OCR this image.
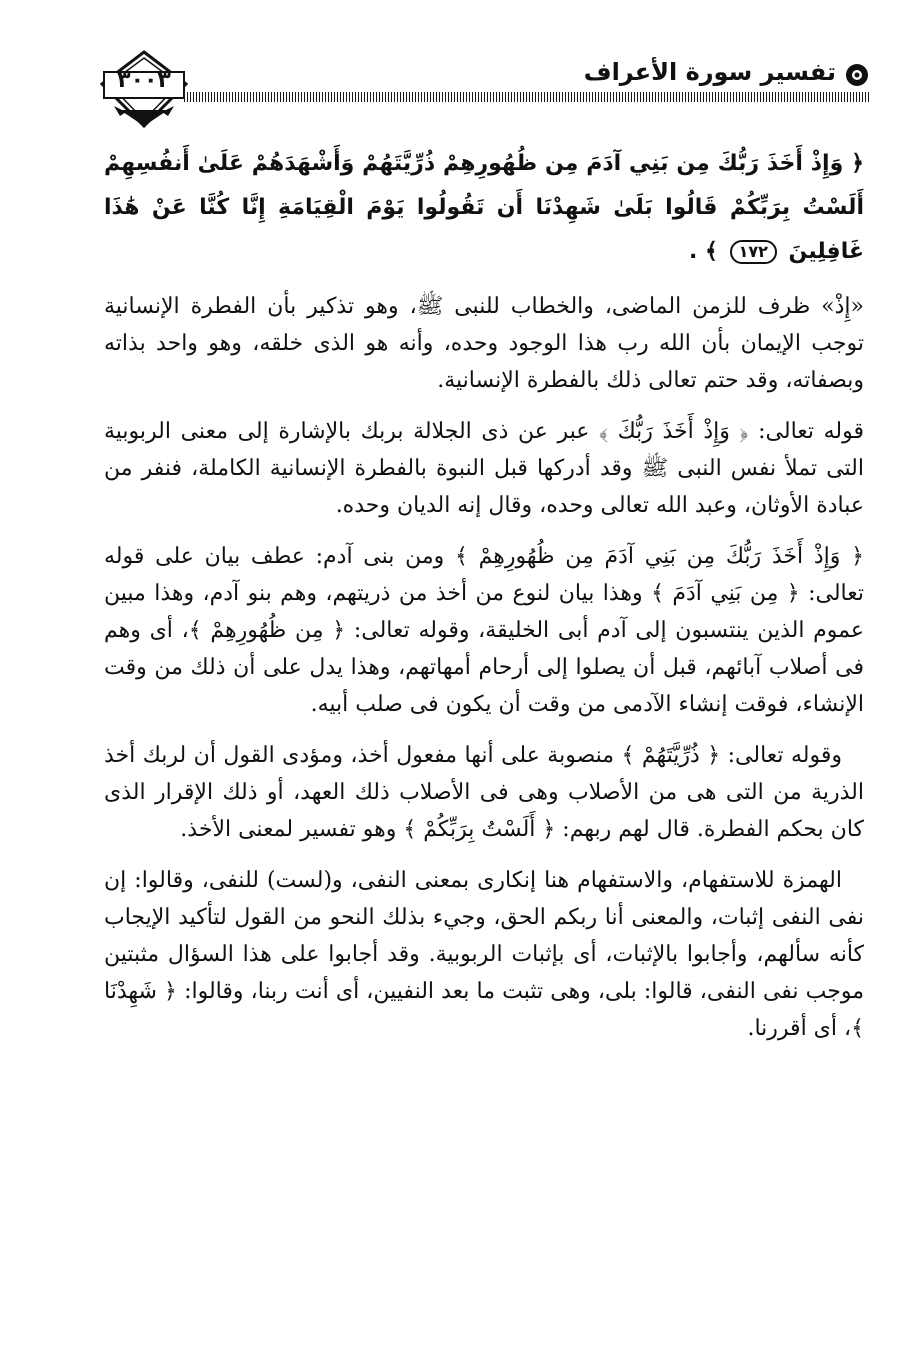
٣٠٠٣	تفسير سورة الأعراف

﴿ وَإِذْ أَخَذَ رَبُّكَ مِن بَنِي آدَمَ مِن ظُهُورِهِمْ ذُرِّيَّتَهُمْ وَأَشْهَدَهُمْ عَلَىٰ أَنفُسِهِمْ أَلَسْتُ بِرَبِّكُمْ قَالُوا بَلَىٰ شَهِدْنَا أَن تَقُولُوا يَوْمَ الْقِيَامَةِ إِنَّا كُنَّا عَنْ هَٰذَا غَافِلِينَ ١٧٢ ﴾ .

«إِذْ» ظرف للزمن الماضى، والخطاب للنبى ﷺ، وهو تذكير بأن الفطرة الإنسانية توجب الإيمان بأن الله رب هذا الوجود وحده، وأنه هو الذى خلقه، وهو واحد بذاته وبصفاته، وقد حتم تعالى ذلك بالفطرة الإنسانية.

قوله تعالى: ﴿ وَإِذْ أَخَذَ رَبُّكَ ﴾ عبر عن ذى الجلالة بربك بالإشارة إلى معنى الربوبية التى تملأ نفس النبى ﷺ وقد أدركها قبل النبوة بالفطرة الإنسانية الكاملة، فنفر من عبادة الأوثان، وعبد الله تعالى وحده، وقال إنه الديان وحده.

﴿ وَإِذْ أَخَذَ رَبُّكَ مِن بَنِي آدَمَ مِن ظُهُورِهِمْ ﴾ ومن بنى آدم: عطف بيان على قوله تعالى: ﴿ مِن بَنِي آدَمَ ﴾ وهذا بيان لنوع من أخذ من ذريتهم، وهم بنو آدم، وهذا مبين عموم الذين ينتسبون إلى آدم أبى الخليقة، وقوله تعالى: ﴿ مِن ظُهُورِهِمْ ﴾، أى وهم فى أصلاب آبائهم، قبل أن يصلوا إلى أرحام أمهاتهم، وهذا يدل على أن ذلك من وقت الإنشاء، فوقت إنشاء الآدمى من وقت أن يكون فى صلب أبيه.

وقوله تعالى: ﴿ ذُرِّيَّتَهُمْ ﴾ منصوبة على أنها مفعول أخذ، ومؤدى القول أن لربك أخذ الذرية من التى هى من الأصلاب وهى فى الأصلاب ذلك العهد، أو ذلك الإقرار الذى كان بحكم الفطرة. قال لهم ربهم: ﴿ أَلَسْتُ بِرَبِّكُمْ ﴾ وهو تفسير لمعنى الأخذ.

الهمزة للاستفهام، والاستفهام هنا إنكارى بمعنى النفى، و(لست) للنفى، وقالوا: إن نفى النفى إثبات، والمعنى أنا ربكم الحق، وجيء بذلك النحو من القول لتأكيد الإيجاب كأنه سألهم، وأجابوا بالإثبات، أى بإثبات الربوبية. وقد أجابوا على هذا السؤال مثبتين موجب نفى النفى، قالوا: بلى، وهى تثبت ما بعد النفيين، أى أنت ربنا، وقالوا: ﴿ شَهِدْنَا ﴾، أى أقررنا.
